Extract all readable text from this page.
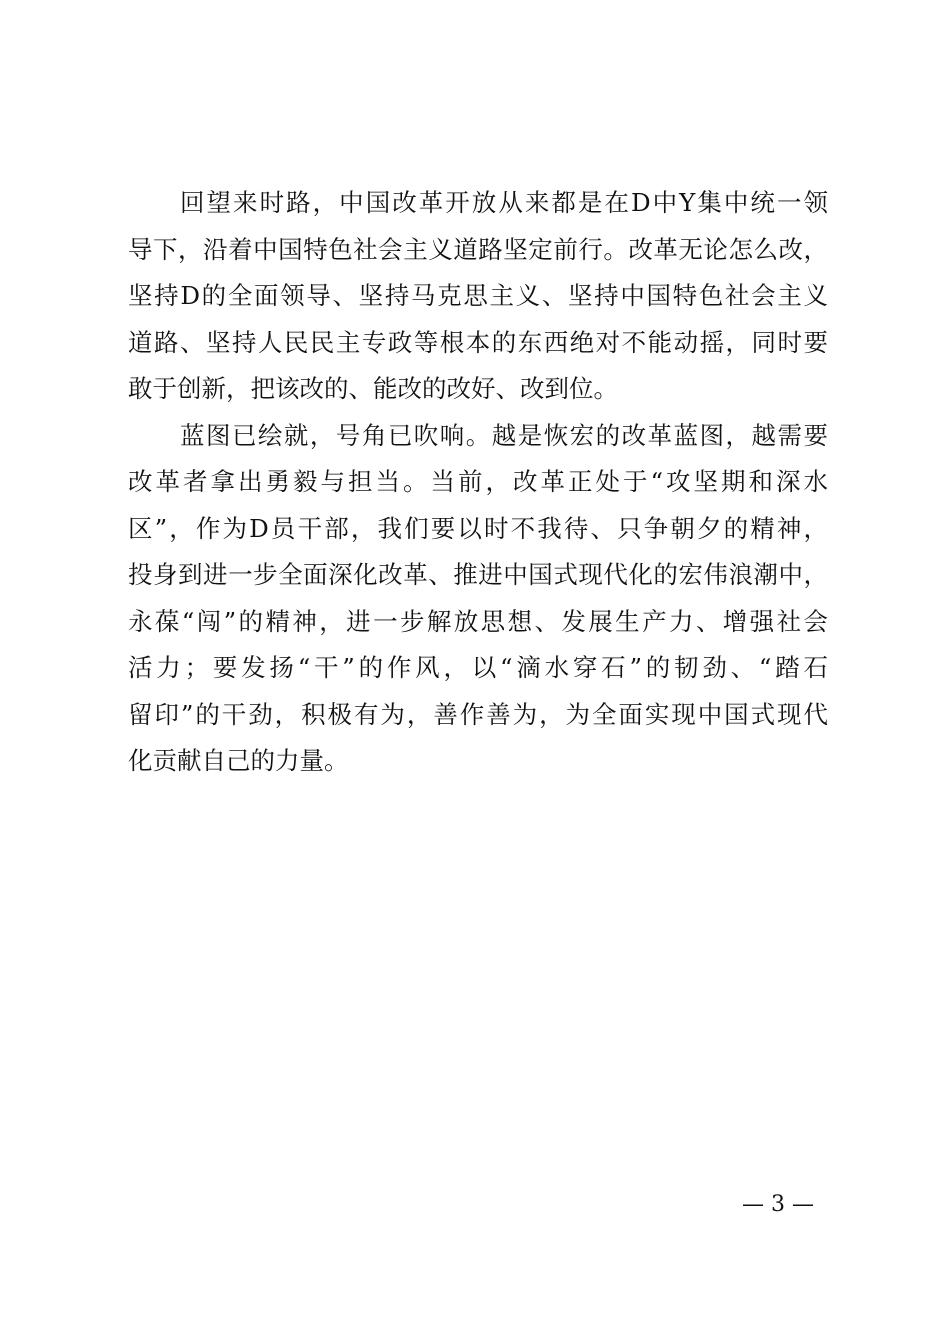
回望来时路，中国改革开放从来都是在D中Y集中统一领
导下，沿着中国特色社会主义道路坚定前行。改革无论怎么改，
坚持D的全面领导、坚持马克思主义、坚持中国特色社会主义
道路、坚持人民民主专政等根本的东西绝对不能动摇，同时要
敢于创新，把该改的、能改的改好、改到位。
蓝图已绘就，号角已吹响。越是恢宏的改革蓝图，越需要
改革者拿出勇毅与担当。当前，改革正处于“攻坚期和深水
区”，作为D员干部，我们要以时不我待、只争朝夕的精神，
投身到进一步全面深化改革、推进中国式现代化的宏伟浪潮中，
永葆“闯”的精神，进一步解放思想、发展生产力、增强社会
活力；要发扬“干”的作风，以“滴水穿石”的韧劲、“踏石
留印”的干劲，积极有为，善作善为，为全面实现中国式现代
化贡献自己的力量。
— 3 —
